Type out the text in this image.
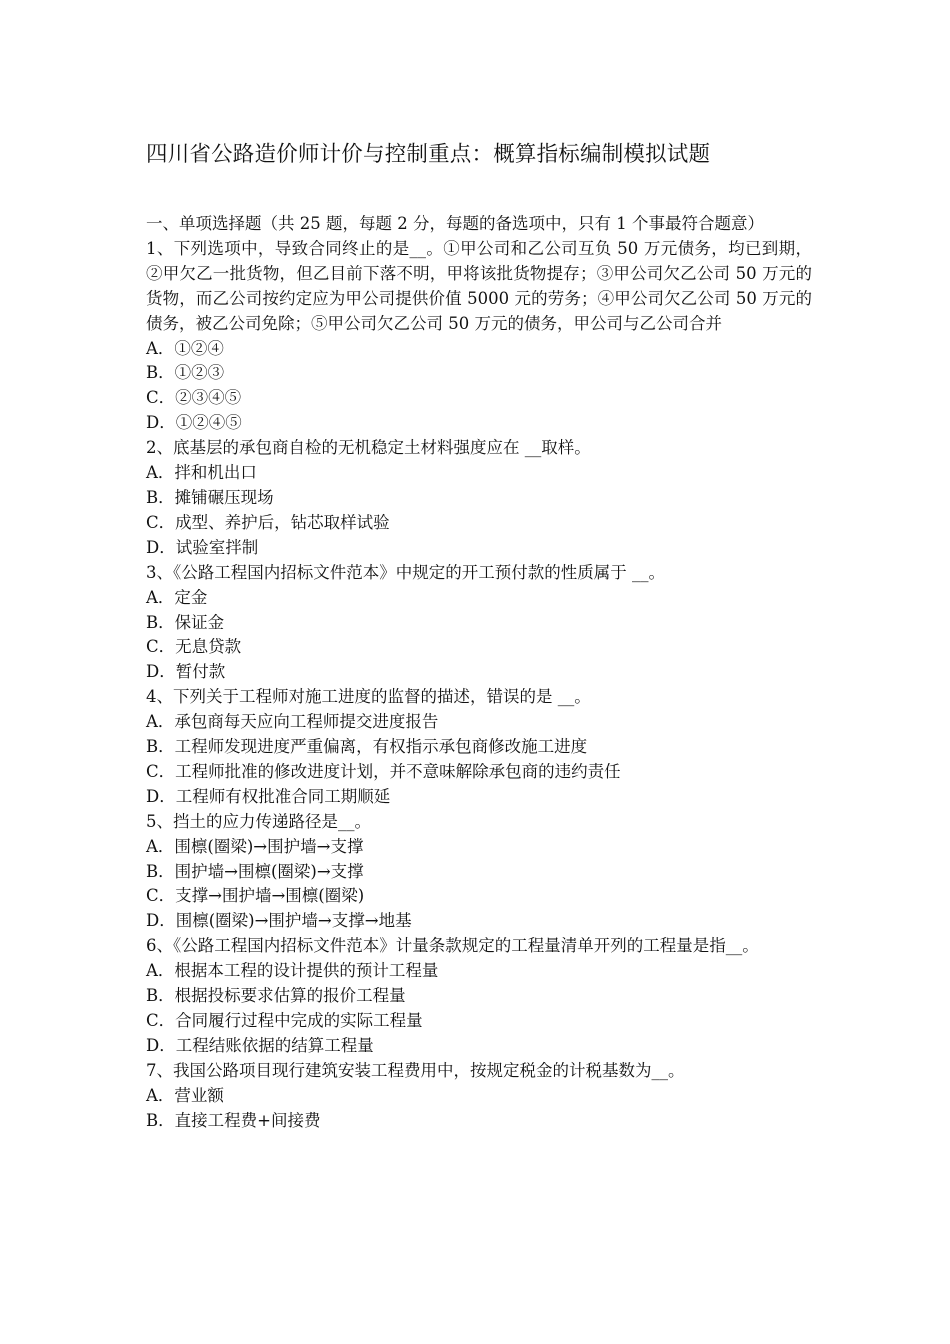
四川省公路造价师计价与控制重点：概算指标编制模拟试题

一、单项选择题（共 25 题，每题 2 分，每题的备选项中，只有 1 个事最符合题意）

1、下列选项中，导致合同终止的是__。①甲公司和乙公司互负 50 万元债务，均已到期，②甲欠乙一批货物，但乙目前下落不明，甲将该批货物提存；③甲公司欠乙公司 50 万元的货物，而乙公司按约定应为甲公司提供价值 5000 元的劳务；④甲公司欠乙公司 50 万元的债务，被乙公司免除；⑤甲公司欠乙公司 50 万元的债务，甲公司与乙公司合并

A．①②④

B．①②③

C．②③④⑤

D．①②④⑤

2、底基层的承包商自检的无机稳定土材料强度应在 __取样。

A．拌和机出口

B．摊铺碾压现场

C．成型、养护后，钻芯取样试验

D．试验室拌制

3、《公路工程国内招标文件范本》中规定的开工预付款的性质属于 __。

A．定金

B．保证金

C．无息贷款

D．暂付款

4、下列关于工程师对施工进度的监督的描述，错误的是 __。

A．承包商每天应向工程师提交进度报告

B．工程师发现进度严重偏离，有权指示承包商修改施工进度

C．工程师批准的修改进度计划，并不意味解除承包商的违约责任

D．工程师有权批准合同工期顺延

5、挡土的应力传递路径是__。

A．围檩(圈梁)→围护墙→支撑

B．围护墙→围檩(圈梁)→支撑

C．支撑→围护墙→围檩(圈梁)

D．围檩(圈梁)→围护墙→支撑→地基

6、《公路工程国内招标文件范本》计量条款规定的工程量清单开列的工程量是指__。

A．根据本工程的设计提供的预计工程量

B．根据投标要求估算的报价工程量

C．合同履行过程中完成的实际工程量

D．工程结账依据的结算工程量

7、我国公路项目现行建筑安装工程费用中，按规定税金的计税基数为__。

A．营业额

B．直接工程费+间接费
